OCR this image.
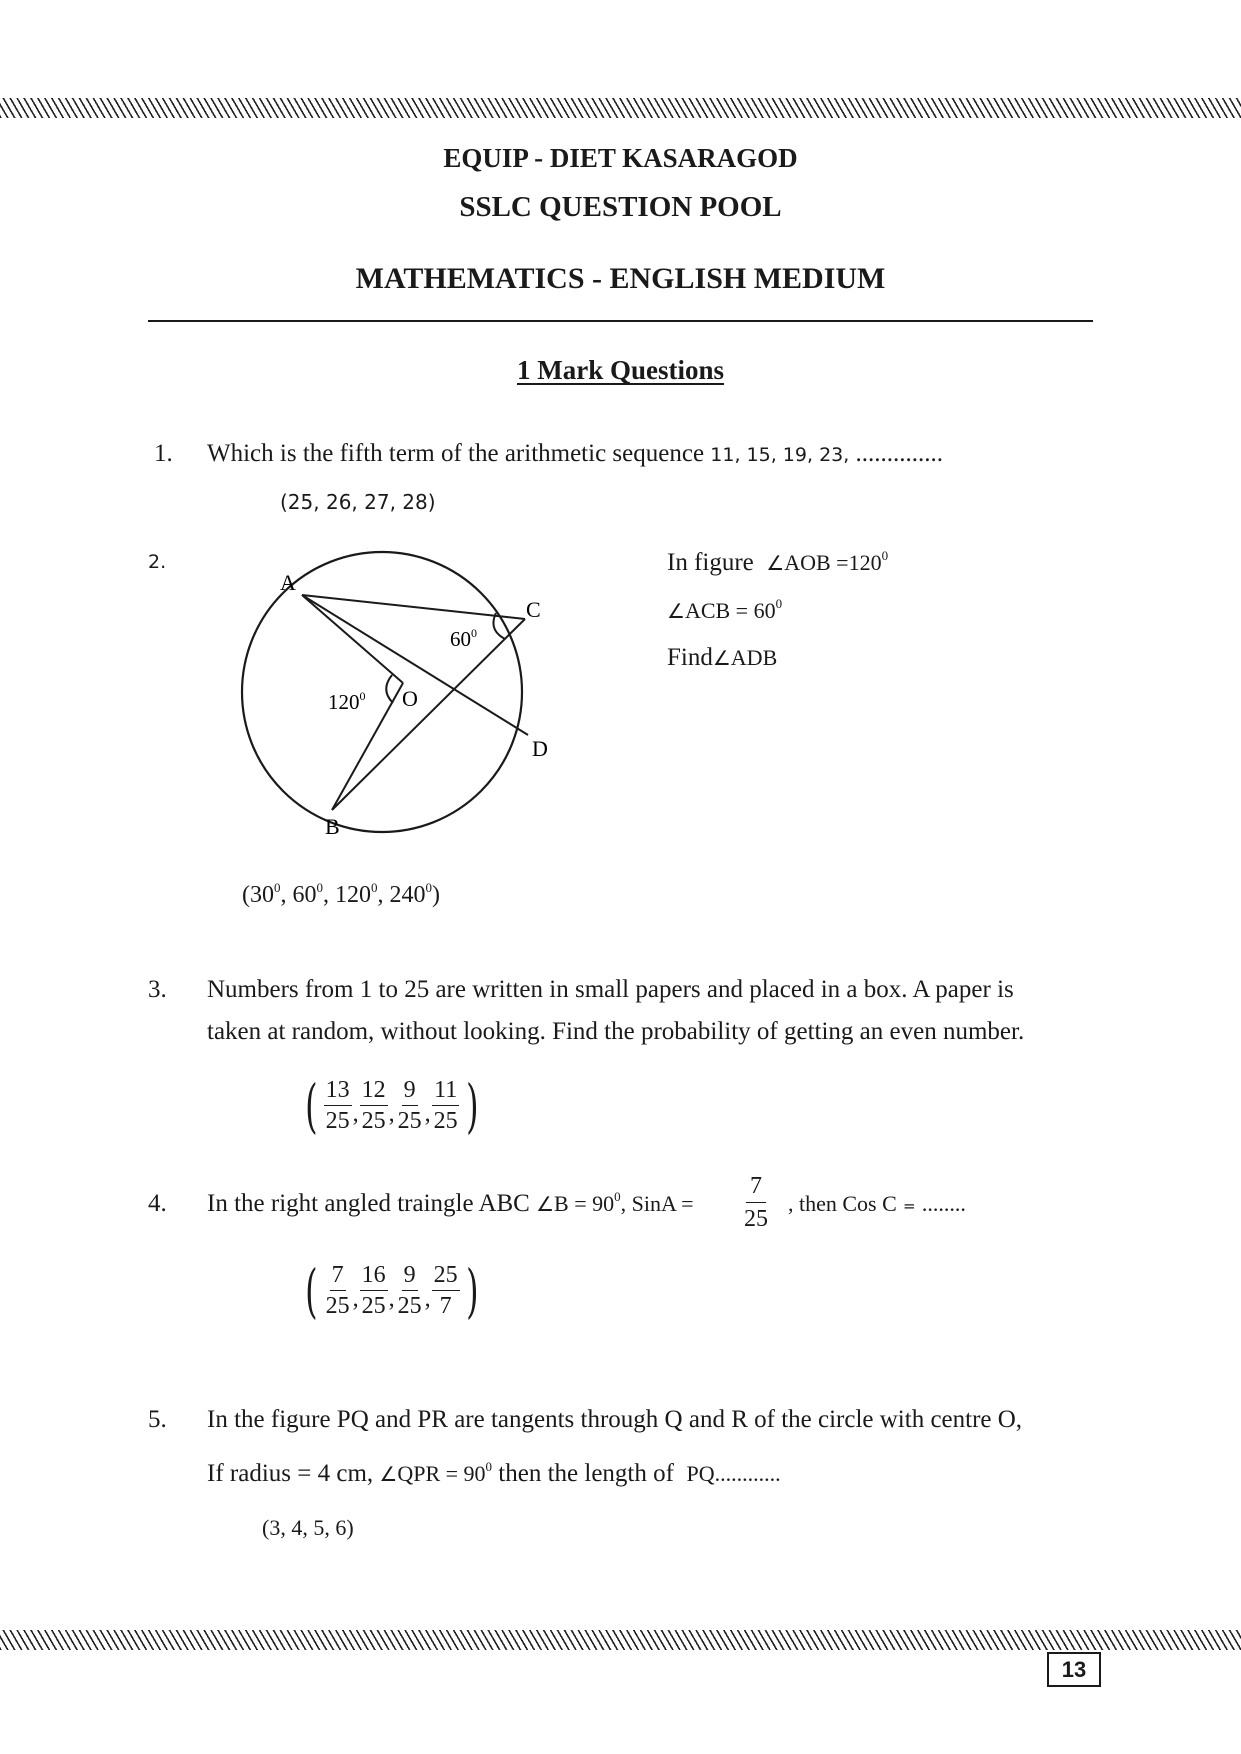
EQUIP - DIET KASARAGOD
SSLC QUESTION POOL
MATHEMATICS - ENGLISH MEDIUM
1 Mark Questions
1. Which is the fifth term of the arithmetic sequence 11, 15, 19, 23, ..............
(25, 26, 27, 28)
2.
A
C
D
B
O
$60^0$
$120^0$
In figure ∠AOB $=120^0$
∠ACB = $60^0$
Find∠ADB
($30^0$, $60^0$, $120^0$, $240^0$)
3. Numbers from 1 to 25 are written in small papers and placed in a box. A paper is
taken at random, without looking. Find the probability of getting an even number.
( $\frac{13}{25}$ , $\frac{12}{25}$ , $\frac{9}{25}$ , $\frac{11}{25}$ )
4. In the right angled traingle ABC ∠B = $90^0$, SinA = $\frac{7}{25}$ , then Cos C = ........
( $\frac{7}{25}$ , $\frac{16}{25}$ , $\frac{9}{25}$ , $\frac{25}{7}$ )
5. In the figure PQ and PR are tangents through Q and R of the circle with centre O,
If radius = 4 cm, ∠QPR = $90^0$ then the length of PQ............
(3, 4, 5, 6)
13
